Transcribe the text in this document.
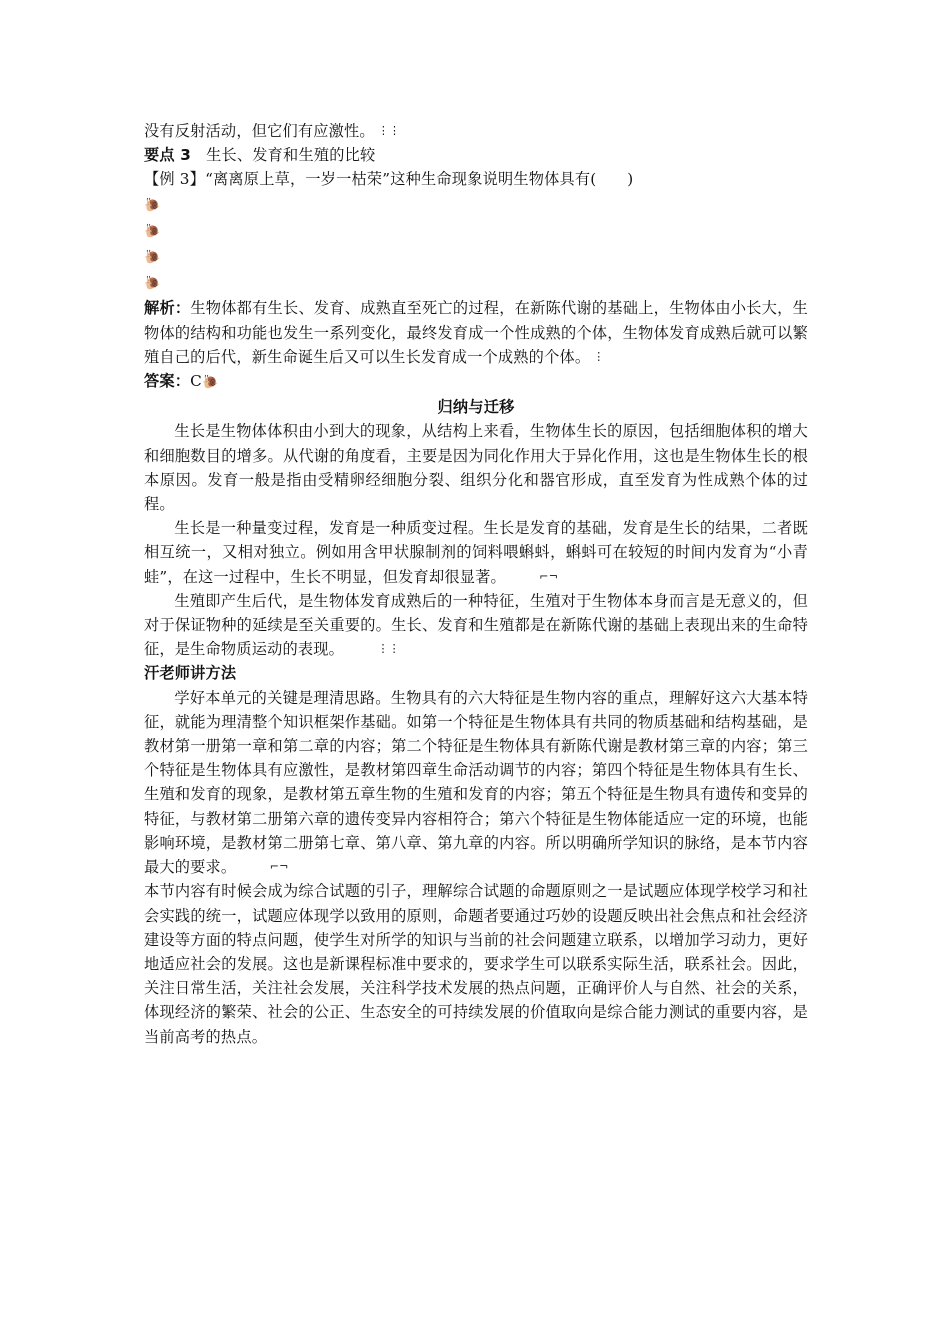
没有反射活动，但它们有应激性。 ⋮⋮
要点 3 生长、发育和生殖的比较
【例 3】“离离原上草，一岁一枯荣”这种生命现象说明生物体具有(　　)
🐌
🐌
🐌
🐌

解析：生物体都有生长、发育、成熟直至死亡的过程，在新陈代谢的基础上，生物体由小长大，生物体的结构和功能也发生一系列变化，最终发育成一个性成熟的个体，生物体发育成熟后就可以繁殖自己的后代，新生命诞生后又可以生长发育成一个成熟的个体。 ⋮

答案：C🐌
归纳与迁移

生长是生物体体积由小到大的现象，从结构上来看，生物体生长的原因，包括细胞体积的增大和细胞数目的增多。从代谢的角度看，主要是因为同化作用大于异化作用，这也是生物体生长的根本原因。发育一般是指由受精卵经细胞分裂、组织分化和器官形成，直至发育为性成熟个体的过程。

生长是一种量变过程，发育是一种质变过程。生长是发育的基础，发育是生长的结果，二者既相互统一，又相对独立。例如用含甲状腺制剂的饲料喂蝌蚪，蝌蚪可在较短的时间内发育为“小青蛙”，在这一过程中，生长不明显，但发育却很显著。	⌐¬

生殖即产生后代，是生物体发育成熟后的一种特征，生殖对于生物体本身而言是无意义的，但对于保证物种的延续是至关重要的。生长、发育和生殖都是在新陈代谢的基础上表现出来的生命特征，是生命物质运动的表现。	⋮⋮

汗老师讲方法

学好本单元的关键是理清思路。生物具有的六大特征是生物内容的重点，理解好这六大基本特征，就能为理清整个知识框架作基础。如第一个特征是生物体具有共同的物质基础和结构基础，是教材第一册第一章和第二章的内容；第二个特征是生物体具有新陈代谢是教材第三章的内容；第三个特征是生物体具有应激性，是教材第四章生命活动调节的内容；第四个特征是生物体具有生长、生殖和发育的现象，是教材第五章生物的生殖和发育的内容；第五个特征是生物具有遗传和变异的特征，与教材第二册第六章的遗传变异内容相符合；第六个特征是生物体能适应一定的环境，也能影响环境，是教材第二册第七章、第八章、第九章的内容。所以明确所学知识的脉络，是本节内容最大的要求。	⌐¬

本节内容有时候会成为综合试题的引子，理解综合试题的命题原则之一是试题应体现学校学习和社会实践的统一，试题应体现学以致用的原则，命题者要通过巧妙的设题反映出社会焦点和社会经济建设等方面的特点问题，使学生对所学的知识与当前的社会问题建立联系，以增加学习动力，更好地适应社会的发展。这也是新课程标准中要求的，要求学生可以联系实际生活，联系社会。因此，关注日常生活，关注社会发展，关注科学技术发展的热点问题，正确评价人与自然、社会的关系，体现经济的繁荣、社会的公正、生态安全的可持续发展的价值取向是综合能力测试的重要内容，是当前高考的热点。
